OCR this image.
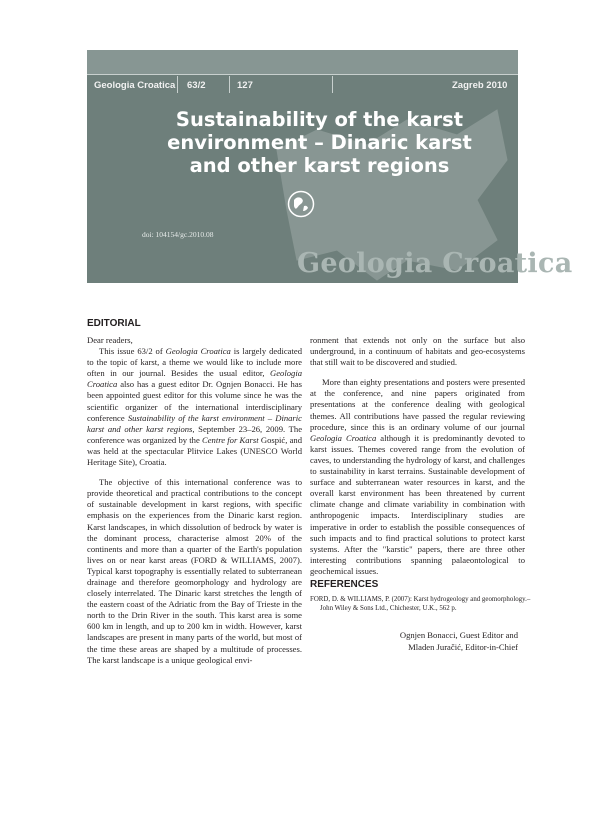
Geologia Croatica 63/2	127	Zagreb 2010
Sustainability of the karst
environment – Dinaric karst
and other karst regions
doi: 104154/gc.2010.08
Geologia Croatica
EDITORIAL

Dear readers,

This issue 63/2 of Geologia Croatica is largely dedicated to the topic of karst, a theme we would like to include more often in our journal. Besides the usual editor, Geologia Croatica also has a guest editor Dr. Ognjen Bonacci. He has been appointed guest editor for this volume since he was the scientific organizer of the international interdisciplinary conference Sustainability of the karst environment – Dinaric karst and other karst regions, September 23–26, 2009. The conference was organized by the Centre for Karst Gospić, and was held at the spectacular Plitvice Lakes (UNESCO World Heritage Site), Croatia.

The objective of this international conference was to provide theoretical and practical contributions to the concept of sustainable development in karst regions, with specific emphasis on the experiences from the Dinaric karst region. Karst landscapes, in which dissolution of bedrock by water is the dominant process, characterise almost 20% of the continents and more than a quarter of the Earth's population lives on or near karst areas (FORD & WILLIAMS, 2007). Typical karst topography is essentially related to subterranean drainage and therefore geomorphology and hydrology are closely interrelated. The Dinaric karst stretches the length of the eastern coast of the Adriatic from the Bay of Trieste in the north to the Drin River in the south. This karst area is some 600 km in length, and up to 200 km in width. However, karst landscapes are present in many parts of the world, but most of the time these areas are shaped by a multitude of processes. The karst landscape is a unique geological envi-

ronment that extends not only on the surface but also underground, in a continuum of habitats and geo-ecosystems that still wait to be discovered and studied.

More than eighty presentations and posters were presented at the conference, and nine papers originated from presentations at the conference dealing with geological themes. All contributions have passed the regular reviewing procedure, since this is an ordinary volume of our journal Geologia Croatica although it is predominantly devoted to karst issues. Themes covered range from the evolution of caves, to understanding the hydrology of karst, and challenges to sustainability in karst terrains. Sustainable development of surface and subterranean water resources in karst, and the overall karst environment has been threatened by current climate change and climate variability in combination with anthropogenic impacts. Interdisciplinary studies are imperative in order to establish the possible consequences of such impacts and to find practical solutions to protect karst systems. After the "karstic" papers, there are three other interesting contributions spanning palaeontological to geochemical issues.

REFERENCES
FORD, D. & WILLIAMS, P. (2007): Karst hydrogeology and geomorphology.– John Wiley & Sons Ltd., Chichester, U.K., 562 p.
Ognjen Bonacci, Guest Editor and
Mladen Juračić, Editor-in-Chief
